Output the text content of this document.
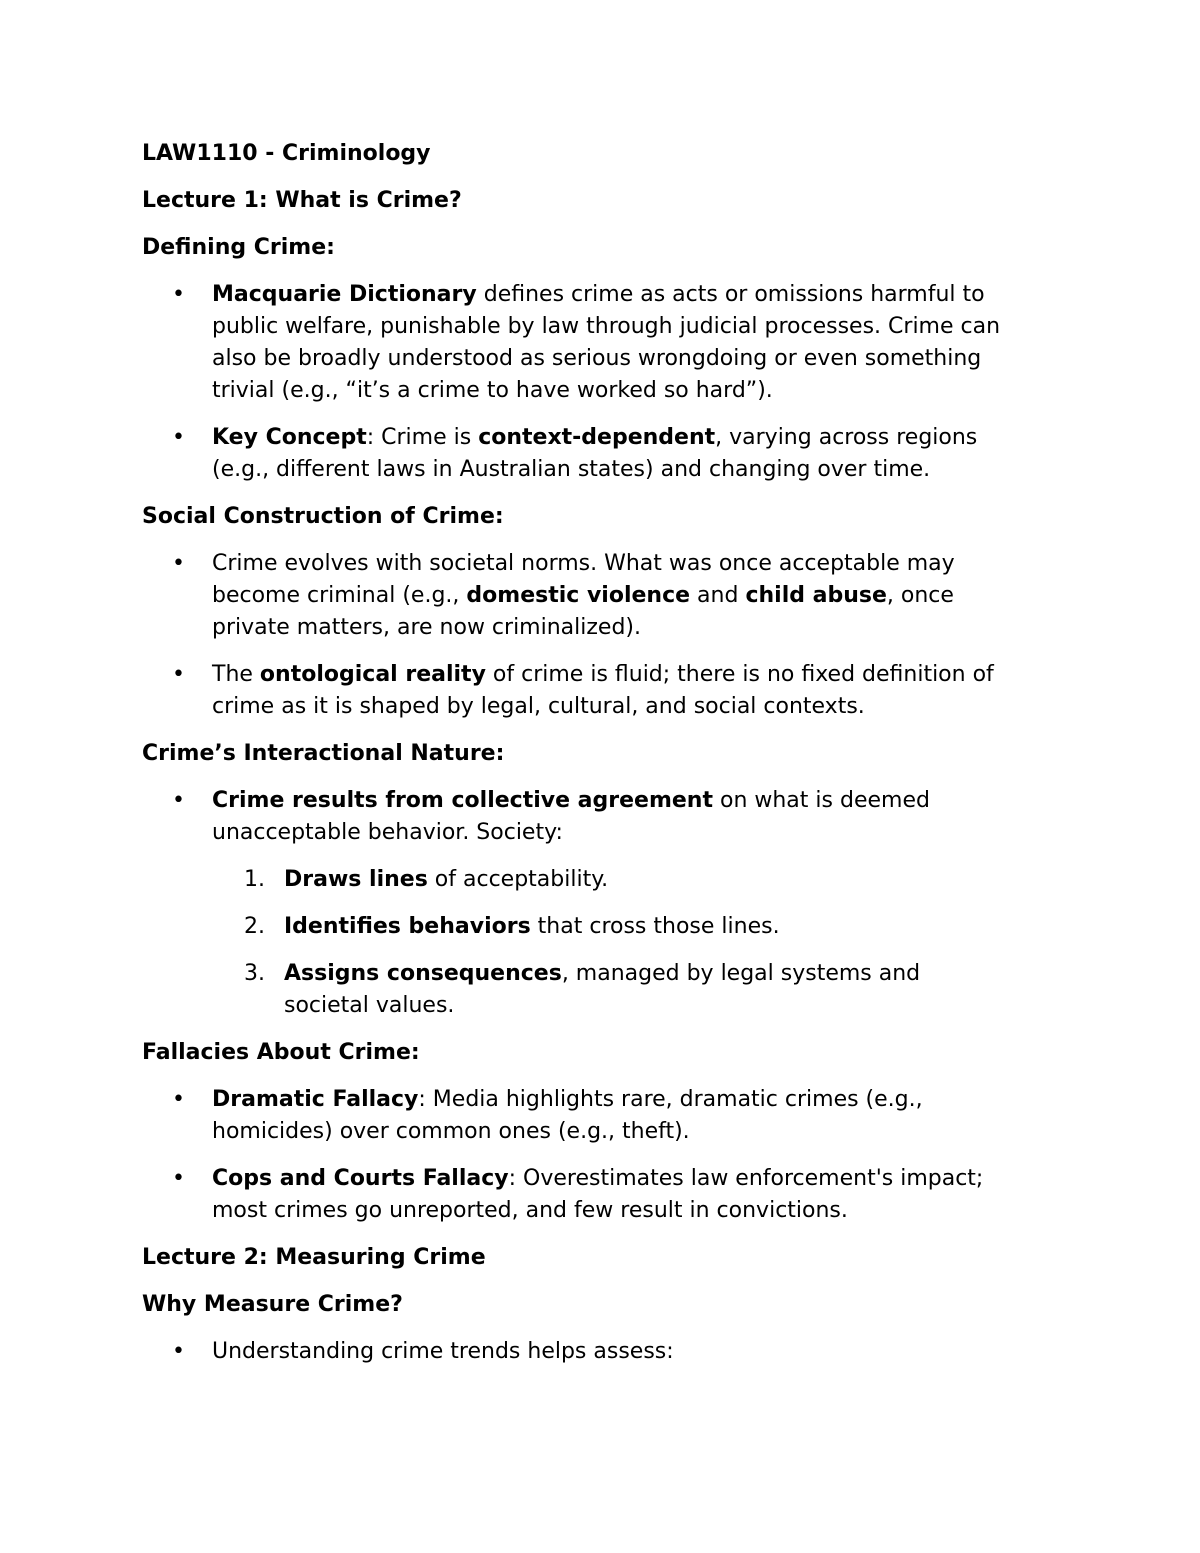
LAW1110 - Criminology
Lecture 1: What is Crime?
Defining Crime:
• Macquarie Dictionary defines crime as acts or omissions harmful to
public welfare, punishable by law through judicial processes. Crime can
also be broadly understood as serious wrongdoing or even something
trivial (e.g., “it’s a crime to have worked so hard”).
• Key Concept: Crime is context-dependent, varying across regions
(e.g., different laws in Australian states) and changing over time.
Social Construction of Crime:
• Crime evolves with societal norms. What was once acceptable may
become criminal (e.g., domestic violence and child abuse, once
private matters, are now criminalized).
• The ontological reality of crime is fluid; there is no fixed definition of
crime as it is shaped by legal, cultural, and social contexts.
Crime’s Interactional Nature:
• Crime results from collective agreement on what is deemed
unacceptable behavior. Society:
1. Draws lines of acceptability.
2. Identifies behaviors that cross those lines.
3. Assigns consequences, managed by legal systems and
societal values.
Fallacies About Crime:
• Dramatic Fallacy: Media highlights rare, dramatic crimes (e.g.,
homicides) over common ones (e.g., theft).
• Cops and Courts Fallacy: Overestimates law enforcement's impact;
most crimes go unreported, and few result in convictions.
Lecture 2: Measuring Crime
Why Measure Crime?
• Understanding crime trends helps assess:
